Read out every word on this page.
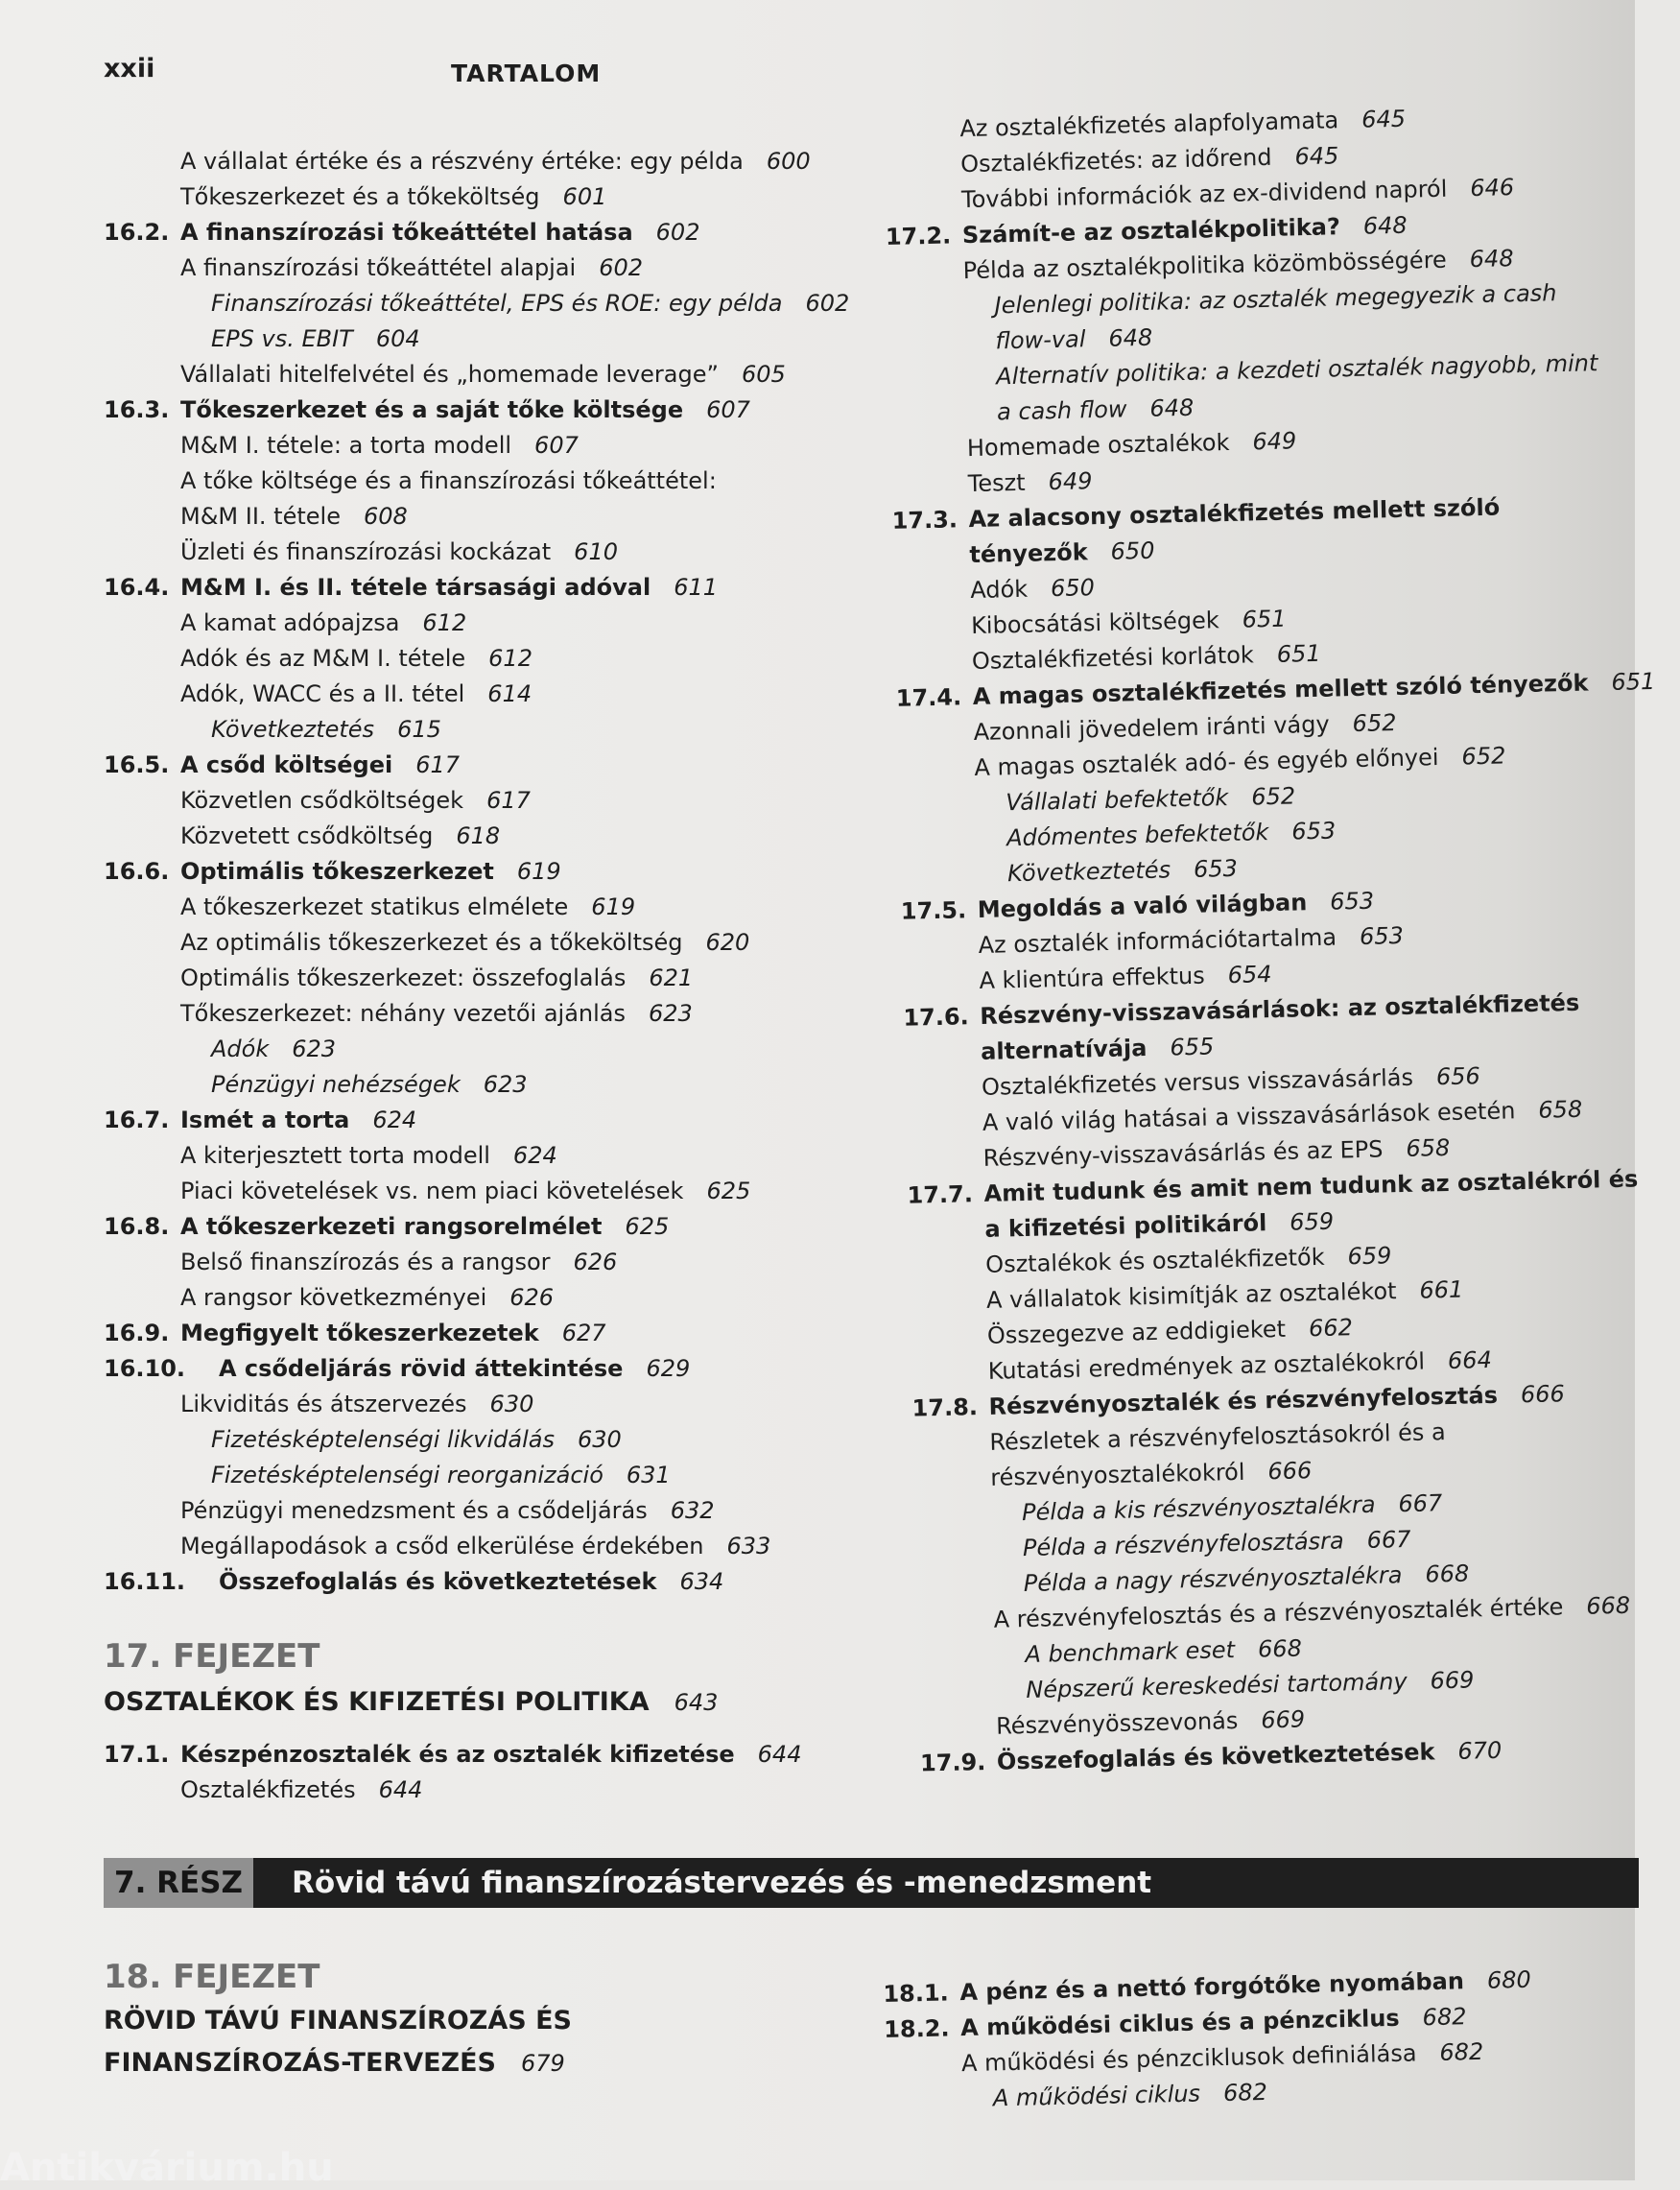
xxii	TARTALOM
A vállalat értéke és a részvény értéke: egy példa 600
Tőkeszerkezet és a tőkeköltség 601
16.2. A finanszírozási tőkeáttétel hatása 602
A finanszírozási tőkeáttétel alapjai 602
Finanszírozási tőkeáttétel, EPS és ROE: egy példa 602
EPS vs. EBIT 604
Vállalati hitelfelvétel és „homemade leverage” 605
16.3. Tőkeszerkezet és a saját tőke költsége 607
M&M I. tétele: a torta modell 607
A tőke költsége és a finanszírozási tőkeáttétel:
M&M II. tétele 608
Üzleti és finanszírozási kockázat 610
16.4. M&M I. és II. tétele társasági adóval 611
A kamat adópajzsa 612
Adók és az M&M I. tétele 612
Adók, WACC és a II. tétel 614
Következtetés 615
16.5. A csőd költségei 617
Közvetlen csődköltségek 617
Közvetett csődköltség 618
16.6. Optimális tőkeszerkezet 619
A tőkeszerkezet statikus elmélete 619
Az optimális tőkeszerkezet és a tőkeköltség 620
Optimális tőkeszerkezet: összefoglalás 621
Tőkeszerkezet: néhány vezetői ajánlás 623
Adók 623
Pénzügyi nehézségek 623
16.7. Ismét a torta 624
A kiterjesztett torta modell 624
Piaci követelések vs. nem piaci követelések 625
16.8. A tőkeszerkezeti rangsorelmélet 625
Belső finanszírozás és a rangsor 626
A rangsor következményei 626
16.9. Megfigyelt tőkeszerkezetek 627
16.10. A csődeljárás rövid áttekintése 629
Likviditás és átszervezés 630
Fizetésképtelenségi likvidálás 630
Fizetésképtelenségi reorganizáció 631
Pénzügyi menedzsment és a csődeljárás 632
Megállapodások a csőd elkerülése érdekében 633
16.11. Összefoglalás és következtetések 634
17. FEJEZET
OSZTALÉKOK ÉS KIFIZETÉSI POLITIKA 643
17.1. Készpénzosztalék és az osztalék kifizetése 644
Osztalékfizetés 644
Az osztalékfizetés alapfolyamata 645
Osztalékfizetés: az időrend 645
További információk az ex-dividend napról 646
17.2. Számít-e az osztalékpolitika? 648
Példa az osztalékpolitika közömbösségére 648
Jelenlegi politika: az osztalék megegyezik a cash
flow-val 648
Alternatív politika: a kezdeti osztalék nagyobb, mint
a cash flow 648
Homemade osztalékok 649
Teszt 649
17.3. Az alacsony osztalékfizetés mellett szóló
tényezők 650
Adók 650
Kibocsátási költségek 651
Osztalékfizetési korlátok 651
17.4. A magas osztalékfizetés mellett szóló tényezők 651
Azonnali jövedelem iránti vágy 652
A magas osztalék adó- és egyéb előnyei 652
Vállalati befektetők 652
Adómentes befektetők 653
Következtetés 653
17.5. Megoldás a való világban 653
Az osztalék információtartalma 653
A klientúra effektus 654
17.6. Részvény-visszavásárlások: az osztalékfizetés
alternatívája 655
Osztalékfizetés versus visszavásárlás 656
A való világ hatásai a visszavásárlások esetén 658
Részvény-visszavásárlás és az EPS 658
17.7. Amit tudunk és amit nem tudunk az osztalékról és
a kifizetési politikáról 659
Osztalékok és osztalékfizetők 659
A vállalatok kisimítják az osztalékot 661
Összegezve az eddigieket 662
Kutatási eredmények az osztalékokról 664
17.8. Részvényosztalék és részvényfelosztás 666
Részletek a részvényfelosztásokról és a
részvényosztalékokról 666
Példa a kis részvényosztalékra 667
Példa a részvényfelosztásra 667
Példa a nagy részvényosztalékra 668
A részvényfelosztás és a részvényosztalék értéke 668
A benchmark eset 668
Népszerű kereskedési tartomány 669
Részvényösszevonás 669
17.9. Összefoglalás és következtetések 670
7. RÉSZ	Rövid távú finanszírozástervezés és -menedzsment
18. FEJEZET
RÖVID TÁVÚ FINANSZÍROZÁS ÉS
FINANSZÍROZÁS-TERVEZÉS 679
18.1. A pénz és a nettó forgótőke nyomában 680
18.2. A működési ciklus és a pénzciklus 682
A működési és pénzciklusok definiálása 682
A működési ciklus 682
Antikvárium.hu
